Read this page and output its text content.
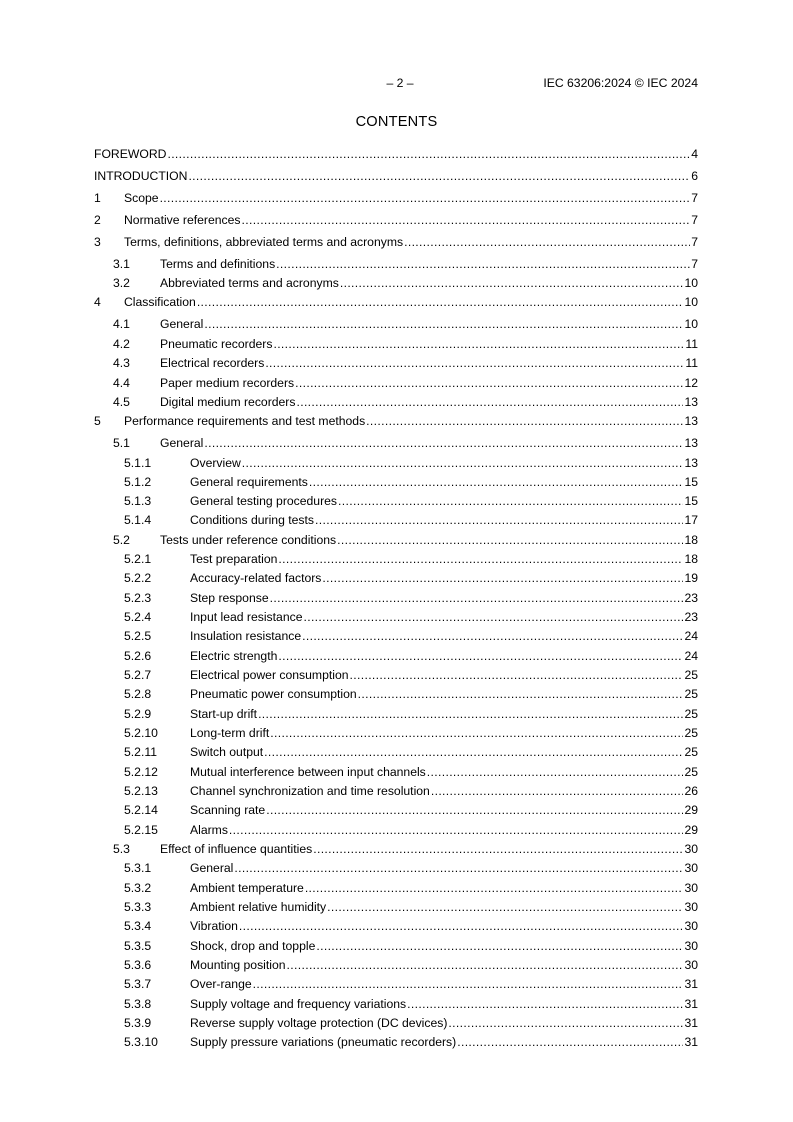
– 2 –	IEC 63206:2024 © IEC 2024
CONTENTS
FOREWORD .....	4
INTRODUCTION .....	6
1 Scope .....	7
2 Normative references .....	7
3 Terms, definitions, abbreviated terms and acronyms .....	7
3.1 Terms and definitions .....	7
3.2 Abbreviated terms and acronyms .....	10
4 Classification .....	10
4.1 General .....	10
4.2 Pneumatic recorders .....	11
4.3 Electrical recorders .....	11
4.4 Paper medium recorders .....	12
4.5 Digital medium recorders .....	13
5 Performance requirements and test methods .....	13
5.1 General .....	13
5.1.1	Overview .....	13
5.1.2	General requirements .....	15
5.1.3	General testing procedures .....	15
5.1.4	Conditions during tests .....	17
5.2 Tests under reference conditions .....	18
5.2.1	Test preparation .....	18
5.2.2	Accuracy-related factors .....	19
5.2.3	Step response .....	23
5.2.4	Input lead resistance .....	23
5.2.5	Insulation resistance .....	24
5.2.6	Electric strength .....	24
5.2.7	Electrical power consumption .....	25
5.2.8	Pneumatic power consumption .....	25
5.2.9	Start-up drift .....	25
5.2.10	Long-term drift .....	25
5.2.11	Switch output .....	25
5.2.12	Mutual interference between input channels .....	25
5.2.13	Channel synchronization and time resolution .....	26
5.2.14	Scanning rate .....	29
5.2.15	Alarms .....	29
5.3 Effect of influence quantities .....	30
5.3.1	General .....	30
5.3.2	Ambient temperature .....	30
5.3.3	Ambient relative humidity .....	30
5.3.4	Vibration .....	30
5.3.5	Shock, drop and topple .....	30
5.3.6	Mounting position .....	30
5.3.7	Over-range .....	31
5.3.8	Supply voltage and frequency variations .....	31
5.3.9	Reverse supply voltage protection (DC devices) .....	31
5.3.10	Supply pressure variations (pneumatic recorders) .....	31
